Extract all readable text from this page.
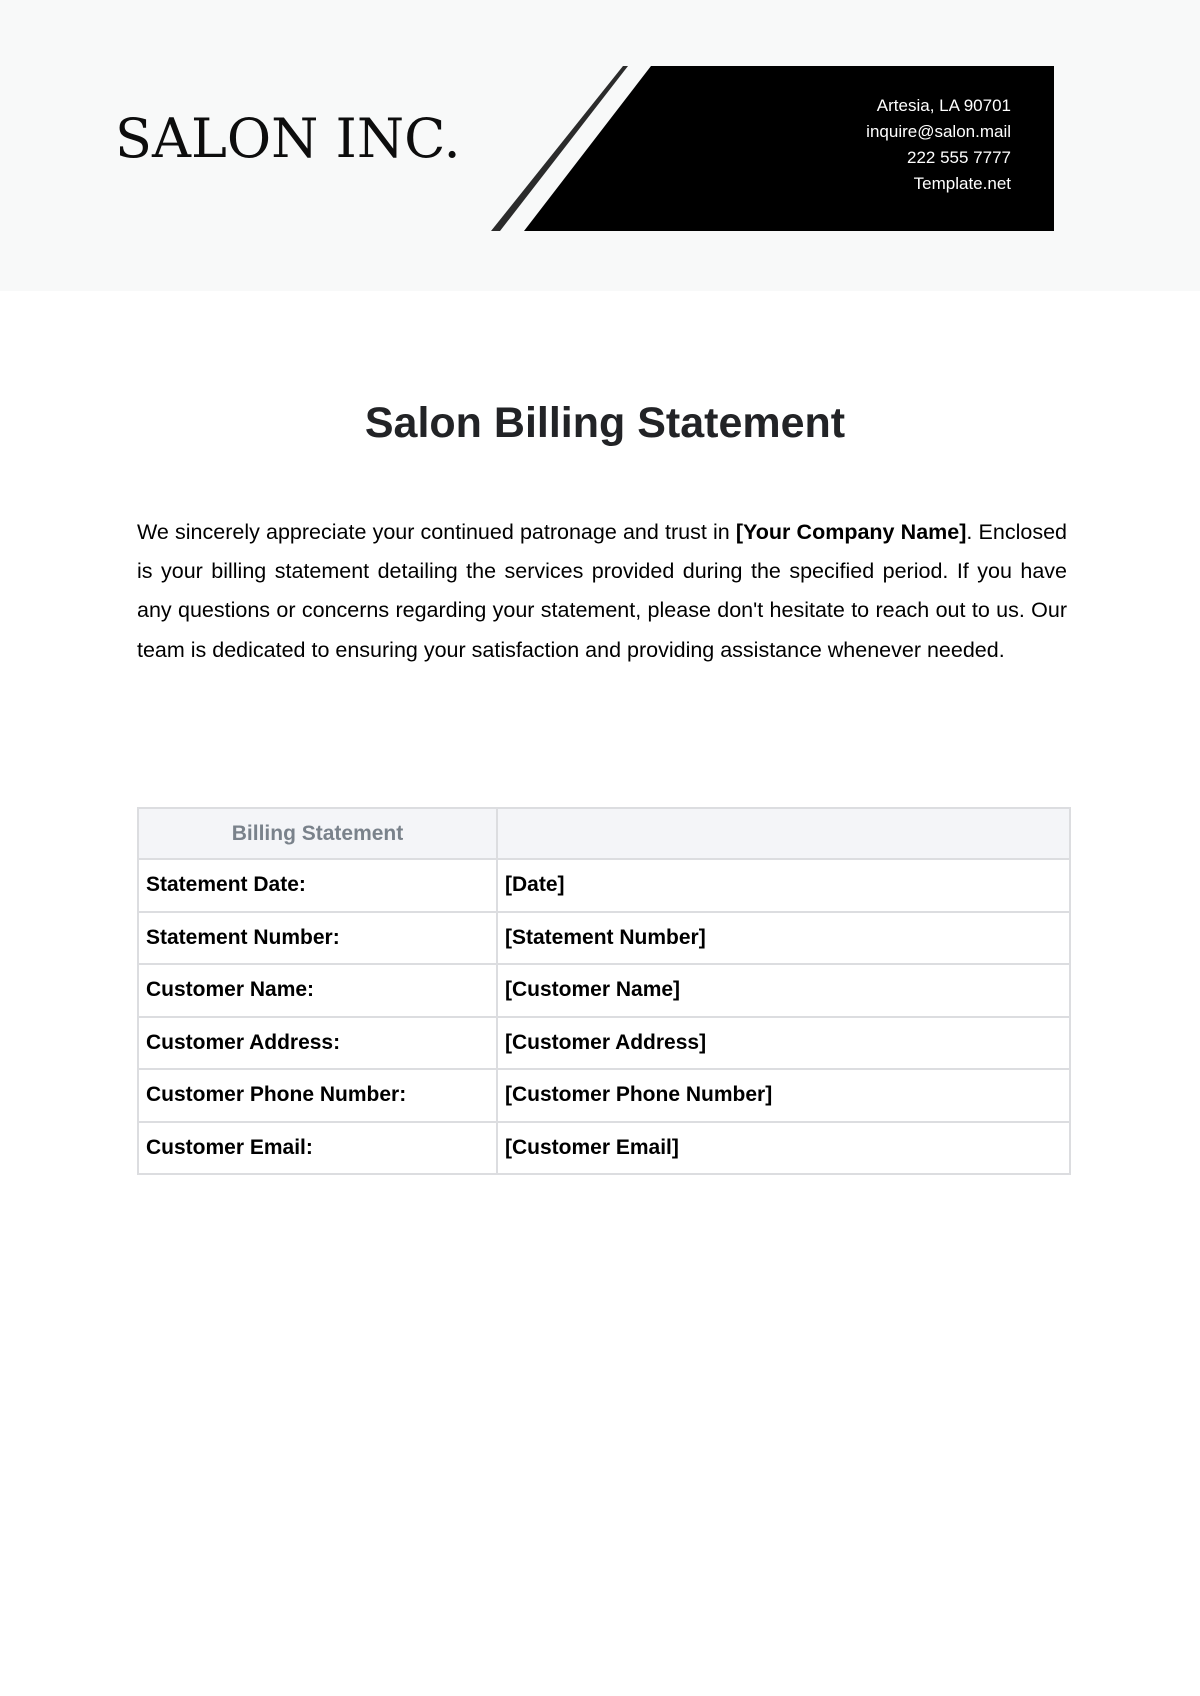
SALON INC.
Artesia, LA 90701
inquire@salon.mail
222 555 7777
Template.net
Salon Billing Statement

We sincerely appreciate your continued patronage and trust in [Your Company Name]. Enclosed is your billing statement detailing the services provided during the specified period. If you have any questions or concerns regarding your statement, please don't hesitate to reach out to us. Our team is dedicated to ensuring your satisfaction and providing assistance whenever needed.

Billing Statement	
Statement Date:	[Date]
Statement Number:	[Statement Number]
Customer Name:	[Customer Name]
Customer Address:	[Customer Address]
Customer Phone Number:	[Customer Phone Number]
Customer Email:	[Customer Email]
